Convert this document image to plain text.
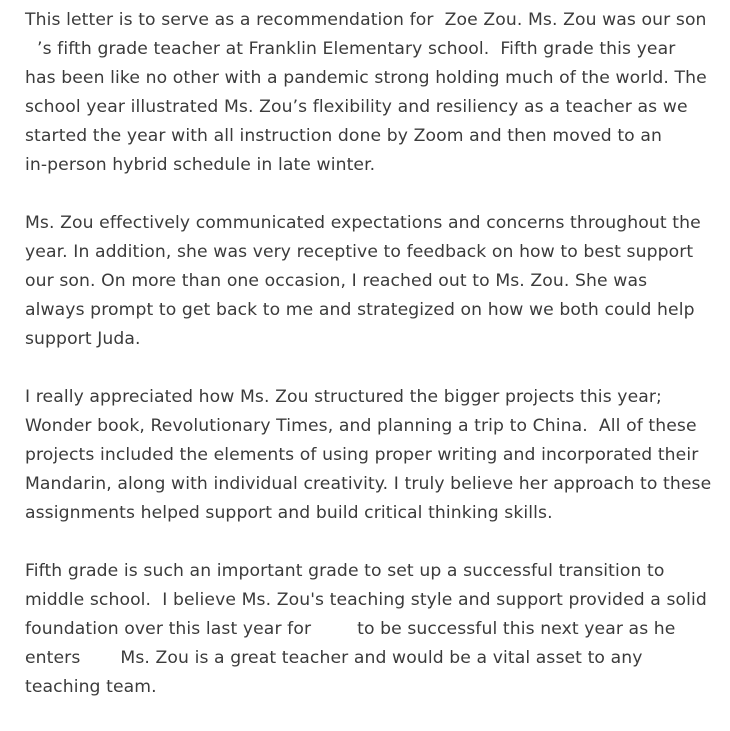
This letter is to serve as a recommendation for  Zoe Zou. Ms. Zou was our son
’s fifth grade teacher at Franklin Elementary school.  Fifth grade this year
has been like no other with a pandemic strong holding much of the world. The
school year illustrated Ms. Zou’s flexibility and resiliency as a teacher as we
started the year with all instruction done by Zoom and then moved to an
in-person hybrid schedule in late winter.
Ms. Zou effectively communicated expectations and concerns throughout the
year. In addition, she was very receptive to feedback on how to best support
our son. On more than one occasion, I reached out to Ms. Zou. She was
always prompt to get back to me and strategized on how we both could help
support Juda.
I really appreciated how Ms. Zou structured the bigger projects this year;
Wonder book, Revolutionary Times, and planning a trip to China.  All of these
projects included the elements of using proper writing and incorporated their
Mandarin, along with individual creativity. I truly believe her approach to these
assignments helped support and build critical thinking skills.
Fifth grade is such an important grade to set up a successful transition to
middle school.  I believe Ms. Zou's teaching style and support provided a solid
foundation over this last year for	to be successful this next year as he
enters Ms. Zou is a great teacher and would be a vital asset to any
teaching team.
